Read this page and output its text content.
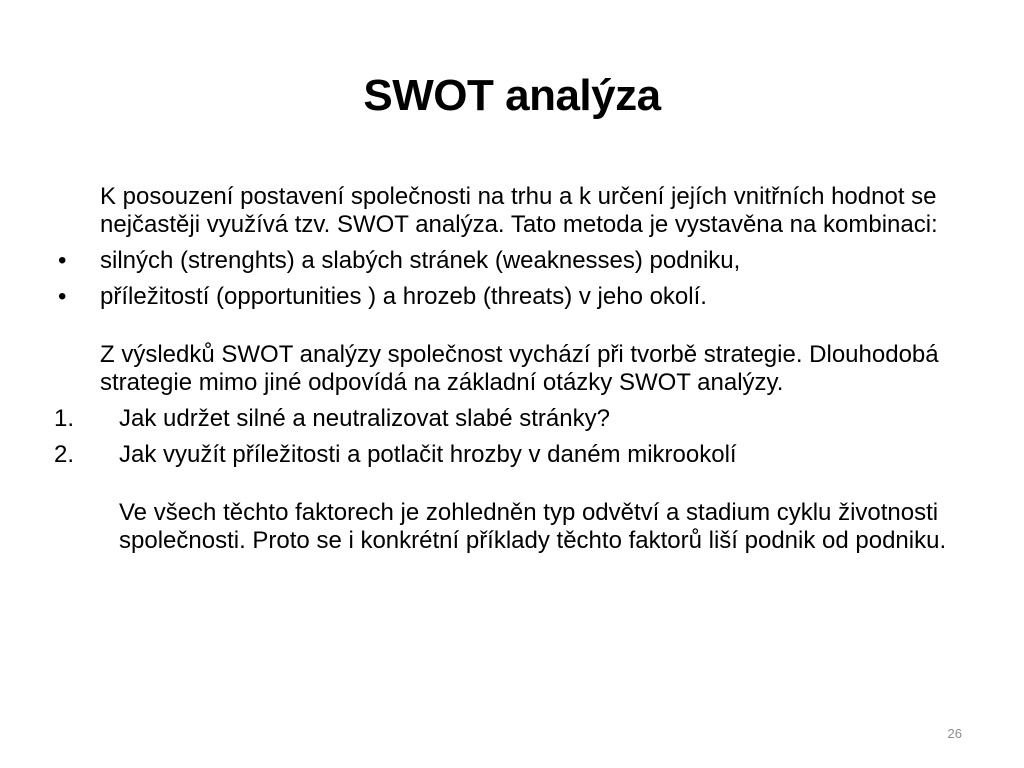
SWOT analýza

K posouzení postavení společnosti na trhu a k určení jejích vnitřních hodnot se nejčastěji využívá tzv. SWOT analýza. Tato metoda je vystavěna na kombinaci:

• silných (strenghts) a slabých stránek (weaknesses) podniku,
• příležitostí (opportunities ) a hrozeb (threats) v jeho okolí.

Z výsledků SWOT analýzy společnost vychází při tvorbě strategie. Dlouhodobá strategie mimo jiné odpovídá na základní otázky SWOT analýzy.

1. Jak udržet silné a neutralizovat slabé stránky?
2. Jak využít příležitosti a potlačit hrozby v daném mikrookolí

Ve všech těchto faktorech je zohledněn typ odvětví a stadium cyklu životnosti společnosti. Proto se i konkrétní příklady těchto faktorů liší podnik od podniku.

26
